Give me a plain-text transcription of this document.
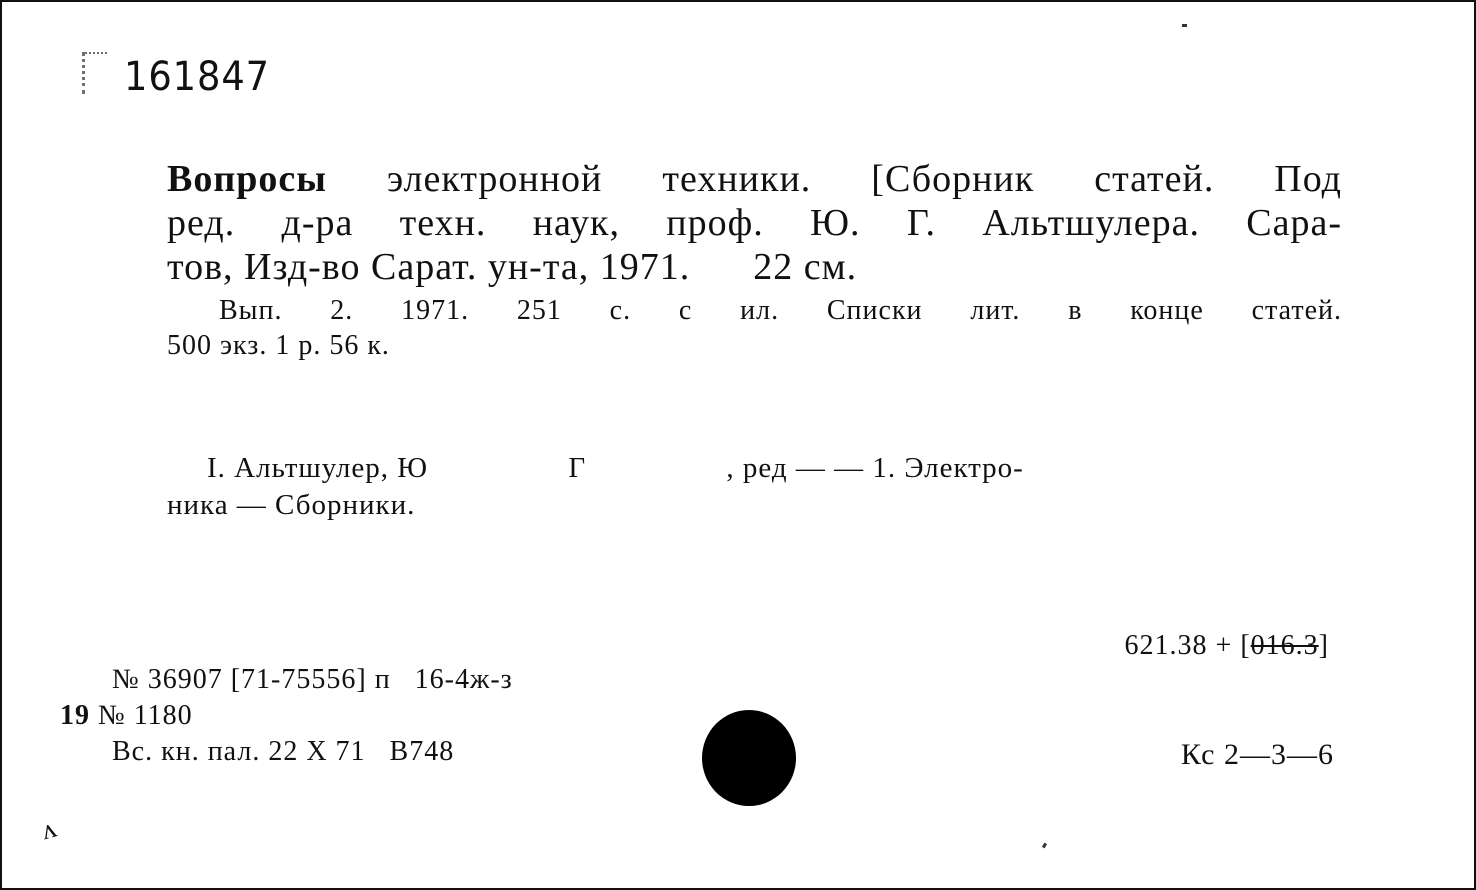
161847
Вопросы электронной техники. [Сборник статей. Под
ред. д-ра техн. наук, проф. Ю. Г. Альтшулера. Сара-
тов, Изд-во Сарат. ун-та, 1971.      22 см.
Вып. 2. 1971. 251 с. с ил. Списки лит. в конце статей.
500 экз. 1 р. 56 к.
I. Альтшулер, Ю                 Г                 , ред — — 1. Электро-
ника — Сборники.
№ 36907 [71-75556] п   16-4ж-з
19 № 1180
Вс. кн. пал. 22 X 71   В748
621.38 + [016.3]
Кс 2—3—6
ʌ
